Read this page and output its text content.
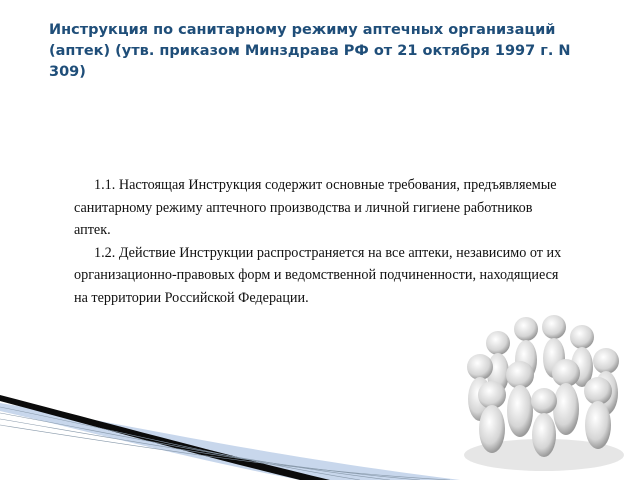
Инструкция по санитарному режиму аптечных организаций (аптек) (утв. приказом Минздрава РФ от 21 октября 1997 г. N 309)

1.1. Настоящая Инструкция содержит основные требования, предъявляемые санитарному режиму аптечного производства и личной гигиене работников аптек.

1.2. Действие Инструкции распространяется на все аптеки, независимо от их организационно-правовых форм и ведомственной подчиненности, находящиеся на территории Российской Федерации.
